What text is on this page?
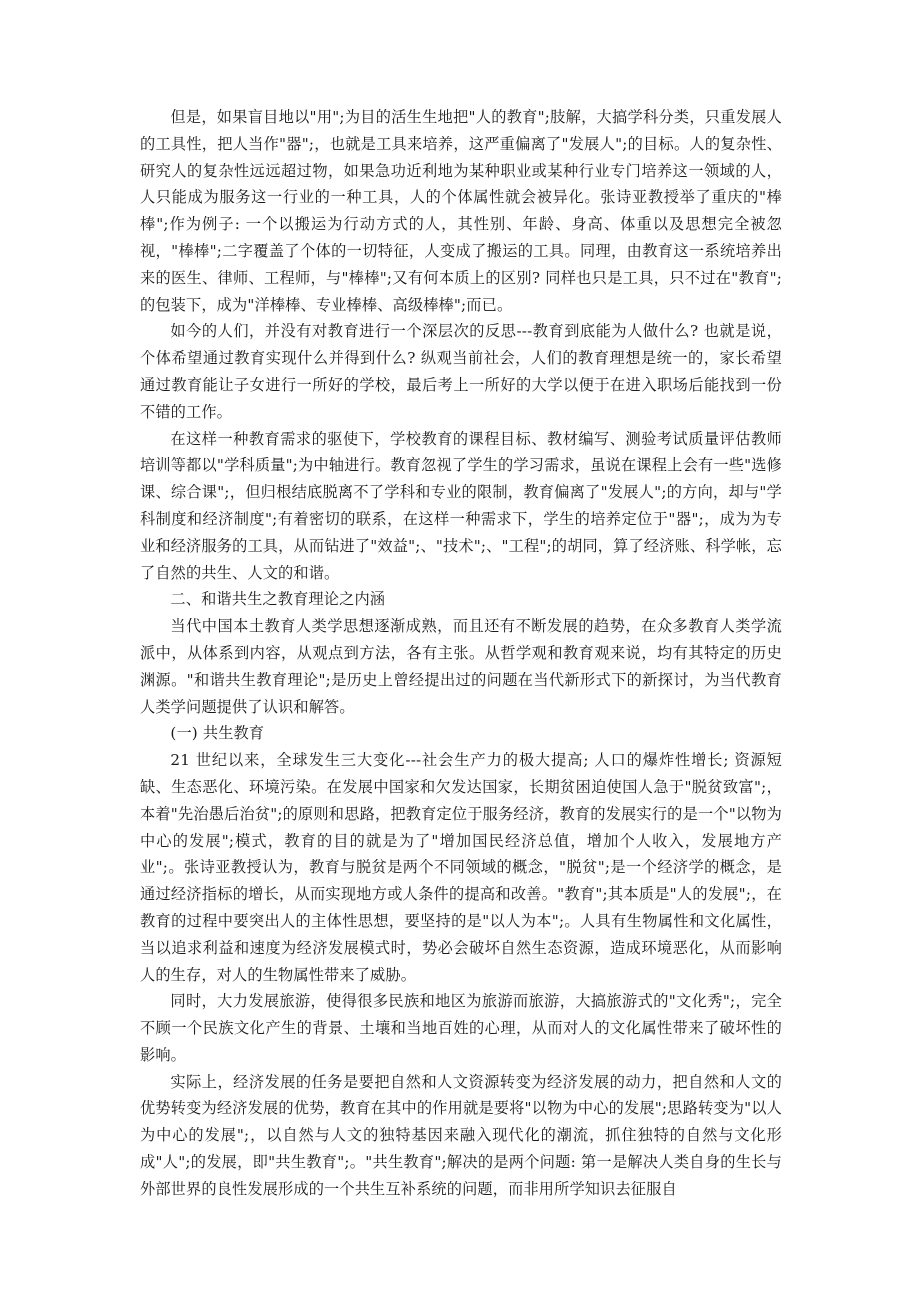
但是，如果盲目地以"用";为目的活生生地把"人的教育";肢解，大搞学科分类，只重发展人的工具性，把人当作"器";，也就是工具来培养，这严重偏离了"发展人";的目标。人的复杂性、研究人的复杂性远远超过物，如果急功近利地为某种职业或某种行业专门培养这一领域的人，人只能成为服务这一行业的一种工具，人的个体属性就会被异化。张诗亚教授举了重庆的"棒棒";作为例子: 一个以搬运为行动方式的人，其性别、年龄、身高、体重以及思想完全被忽视，"棒棒";二字覆盖了个体的一切特征，人变成了搬运的工具。同理，由教育这一系统培养出来的医生、律师、工程师，与"棒棒";又有何本质上的区别? 同样也只是工具，只不过在"教育";的包装下，成为"洋棒棒、专业棒棒、高级棒棒";而已。

如今的人们，并没有对教育进行一个深层次的反思---教育到底能为人做什么? 也就是说，个体希望通过教育实现什么并得到什么? 纵观当前社会，人们的教育理想是统一的，家长希望通过教育能让子女进行一所好的学校，最后考上一所好的大学以便于在进入职场后能找到一份不错的工作。

在这样一种教育需求的驱使下，学校教育的课程目标、教材编写、测验考试质量评估教师培训等都以"学科质量";为中轴进行。教育忽视了学生的学习需求，虽说在课程上会有一些"选修课、综合课";，但归根结底脱离不了学科和专业的限制，教育偏离了"发展人";的方向，却与"学科制度和经济制度";有着密切的联系，在这样一种需求下，学生的培养定位于"器";，成为为专业和经济服务的工具，从而钻进了"效益";、"技术";、"工程";的胡同，算了经济账、科学帐，忘了自然的共生、人文的和谐。

二、和谐共生之教育理论之内涵

当代中国本土教育人类学思想逐渐成熟，而且还有不断发展的趋势，在众多教育人类学流派中，从体系到内容，从观点到方法，各有主张。从哲学观和教育观来说，均有其特定的历史渊源。"和谐共生教育理论";是历史上曾经提出过的问题在当代新形式下的新探讨，为当代教育人类学问题提供了认识和解答。

(一) 共生教育

21 世纪以来，全球发生三大变化---社会生产力的极大提高; 人口的爆炸性增长; 资源短缺、生态恶化、环境污染。在发展中国家和欠发达国家，长期贫困迫使国人急于"脱贫致富";，本着"先治愚后治贫";的原则和思路，把教育定位于服务经济，教育的发展实行的是一个"以物为中心的发展";模式，教育的目的就是为了"增加国民经济总值，增加个人收入，发展地方产业";。张诗亚教授认为，教育与脱贫是两个不同领域的概念，"脱贫";是一个经济学的概念，是通过经济指标的增长，从而实现地方或人条件的提高和改善。"教育";其本质是"人的发展";，在教育的过程中要突出人的主体性思想，要坚持的是"以人为本";。人具有生物属性和文化属性，当以追求利益和速度为经济发展模式时，势必会破坏自然生态资源，造成环境恶化，从而影响人的生存，对人的生物属性带来了威胁。

同时，大力发展旅游，使得很多民族和地区为旅游而旅游，大搞旅游式的"文化秀";，完全不顾一个民族文化产生的背景、土壤和当地百姓的心理，从而对人的文化属性带来了破坏性的影响。

实际上，经济发展的任务是要把自然和人文资源转变为经济发展的动力，把自然和人文的优势转变为经济发展的优势，教育在其中的作用就是要将"以物为中心的发展";思路转变为"以人为中心的发展";，以自然与人文的独特基因来融入现代化的潮流，抓住独特的自然与文化形成"人";的发展，即"共生教育";。"共生教育";解决的是两个问题: 第一是解决人类自身的生长与外部世界的良性发展形成的一个共生互补系统的问题，而非用所学知识去征服自
